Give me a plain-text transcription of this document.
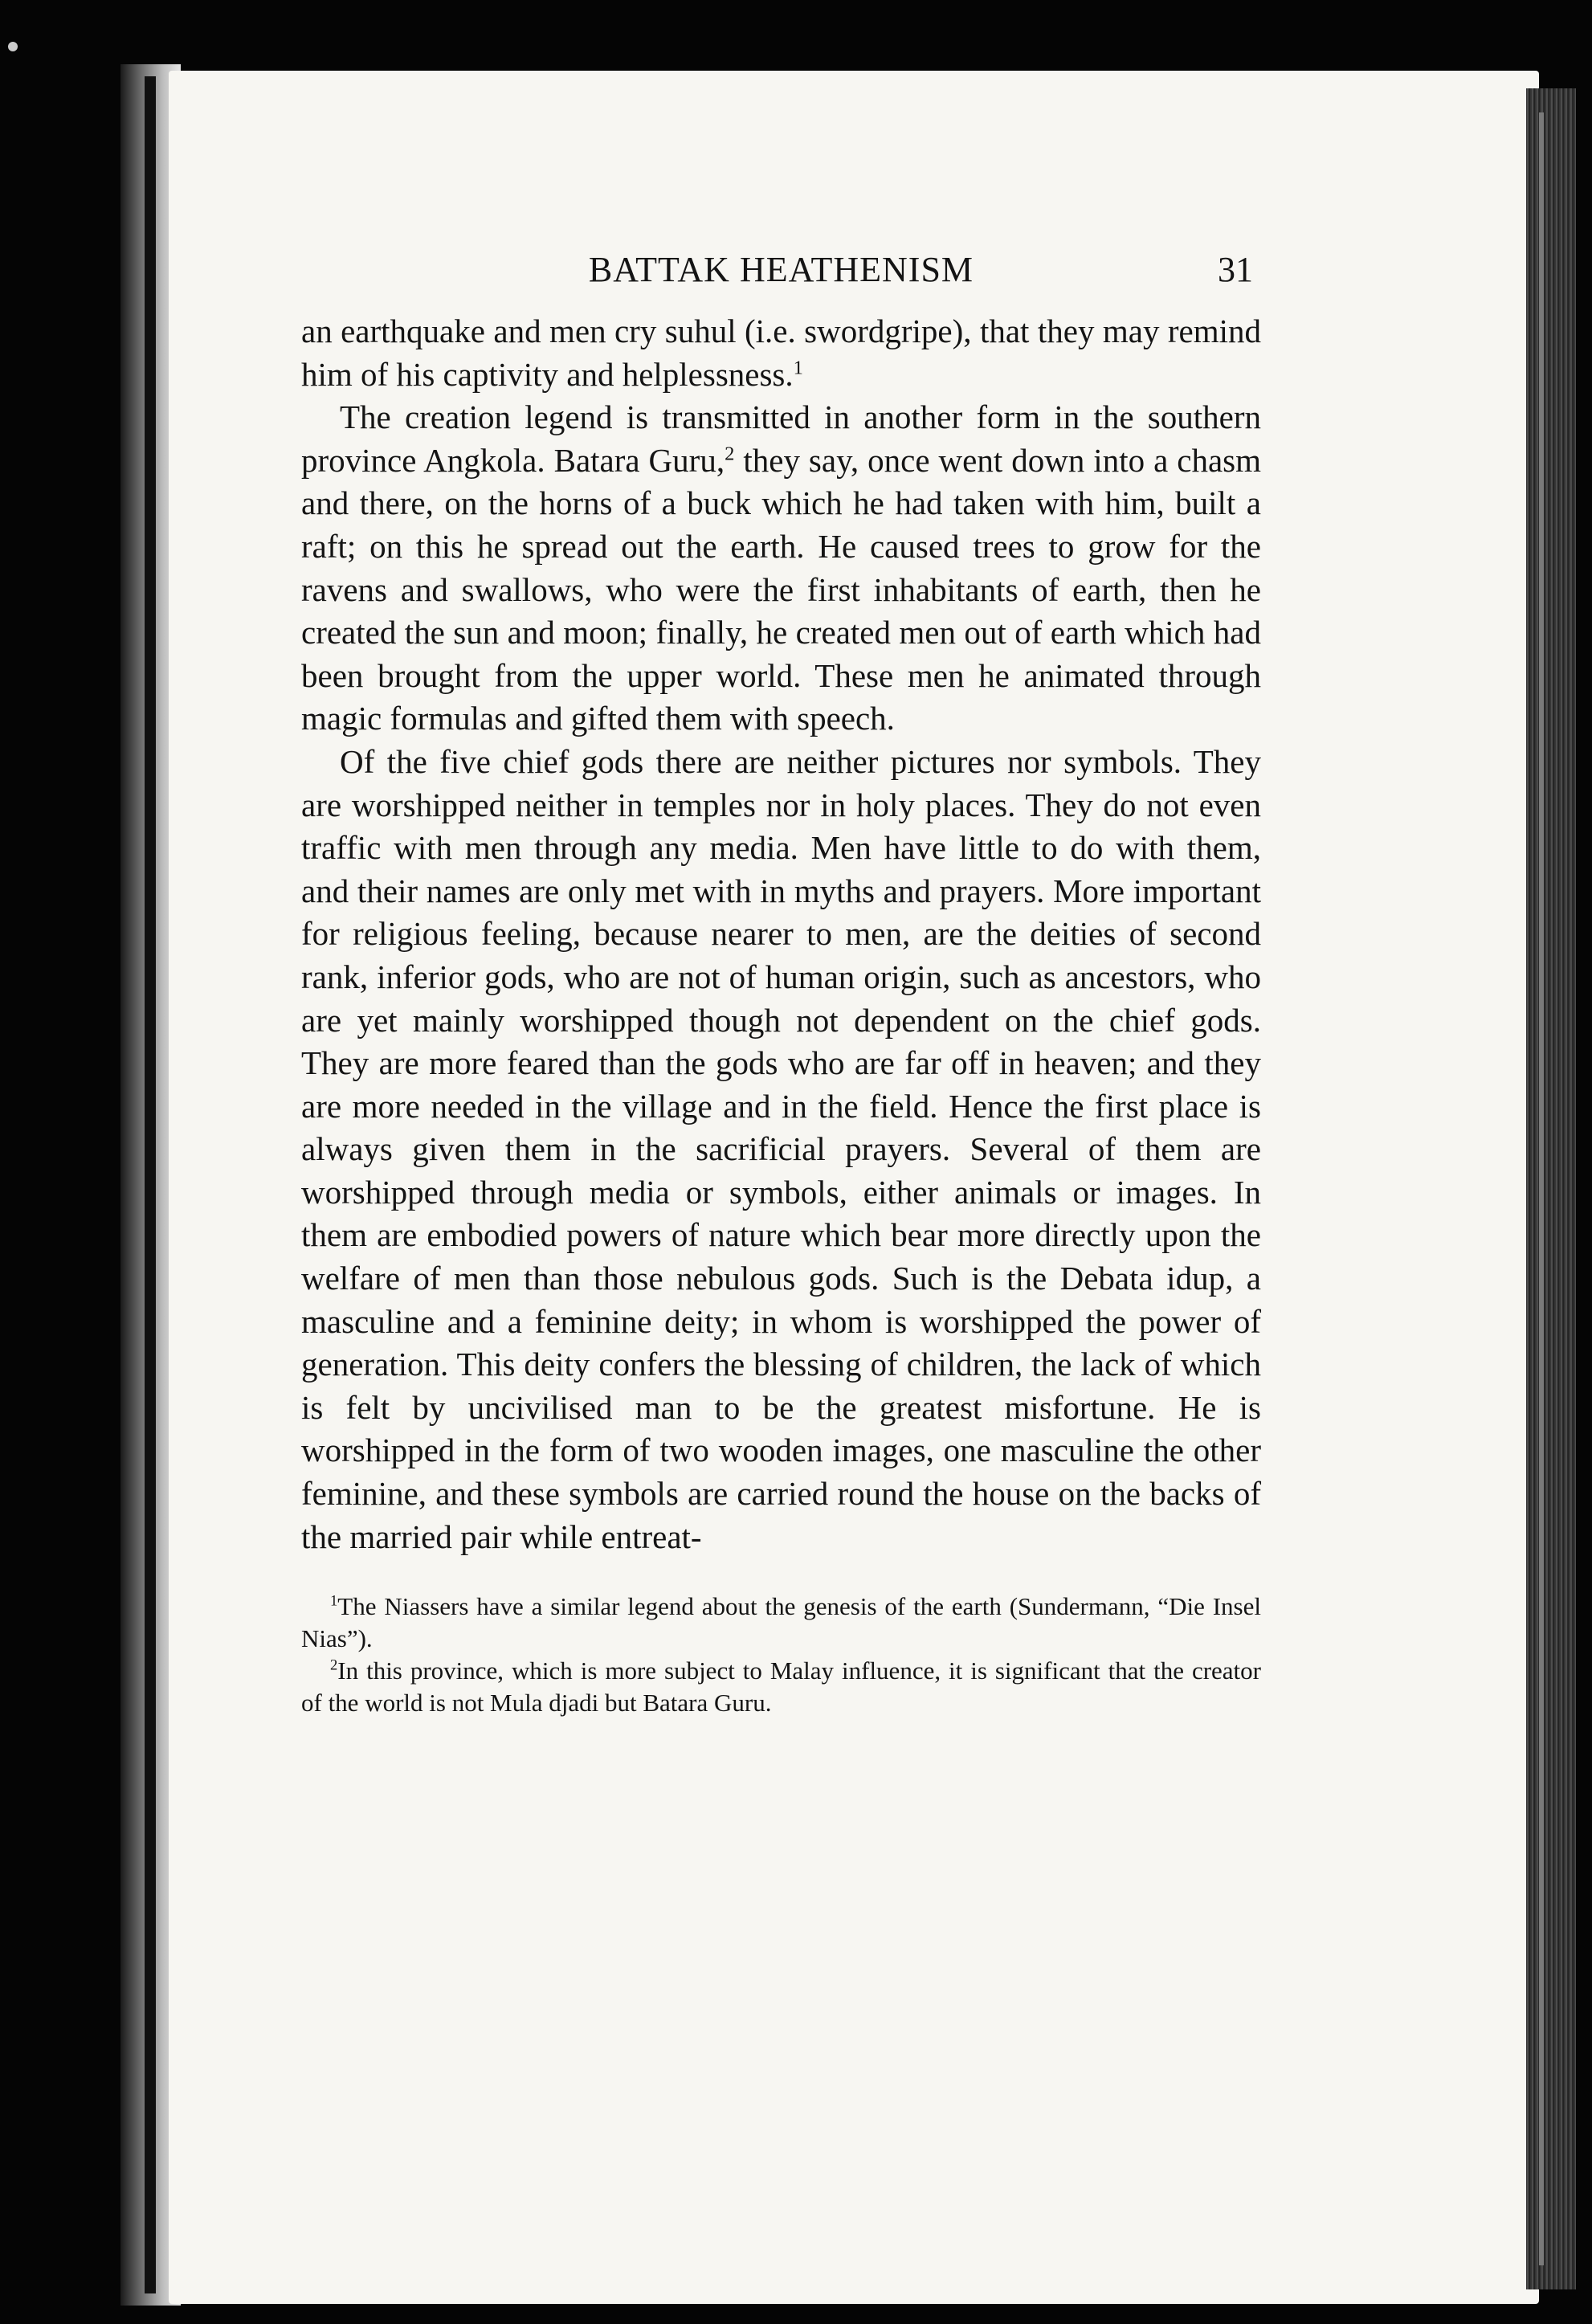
BATTAK HEATHENISM	31

an earthquake and men cry suhul (i.e. swordgripe), that they may remind him of his captivity and helplessness.$^1$

The creation legend is transmitted in another form in the southern province Angkola. Batara Guru,$^2$ they say, once went down into a chasm and there, on the horns of a buck which he had taken with him, built a raft; on this he spread out the earth. He caused trees to grow for the ravens and swallows, who were the first inhabitants of earth, then he created the sun and moon; finally, he created men out of earth which had been brought from the upper world. These men he animated through magic formulas and gifted them with speech.

Of the five chief gods there are neither pictures nor symbols. They are worshipped neither in temples nor in holy places. They do not even traffic with men through any media. Men have little to do with them, and their names are only met with in myths and prayers. More important for religious feeling, because nearer to men, are the deities of second rank, inferior gods, who are not of human origin, such as ancestors, who are yet mainly worshipped though not dependent on the chief gods. They are more feared than the gods who are far off in heaven; and they are more needed in the village and in the field. Hence the first place is always given them in the sacrificial prayers. Several of them are worshipped through media or symbols, either animals or images. In them are embodied powers of nature which bear more directly upon the welfare of men than those nebulous gods. Such is the Debata idup, a masculine and a feminine deity; in whom is worshipped the power of generation. This deity confers the blessing of children, the lack of which is felt by uncivilised man to be the greatest misfortune. He is worshipped in the form of two wooden images, one masculine the other feminine, and these symbols are carried round the house on the backs of the married pair while entreat-

$^1$The Niassers have a similar legend about the genesis of the earth (Sundermann, “Die Insel Nias”).

$^2$In this province, which is more subject to Malay influence, it is significant that the creator of the world is not Mula djadi but Batara Guru.
